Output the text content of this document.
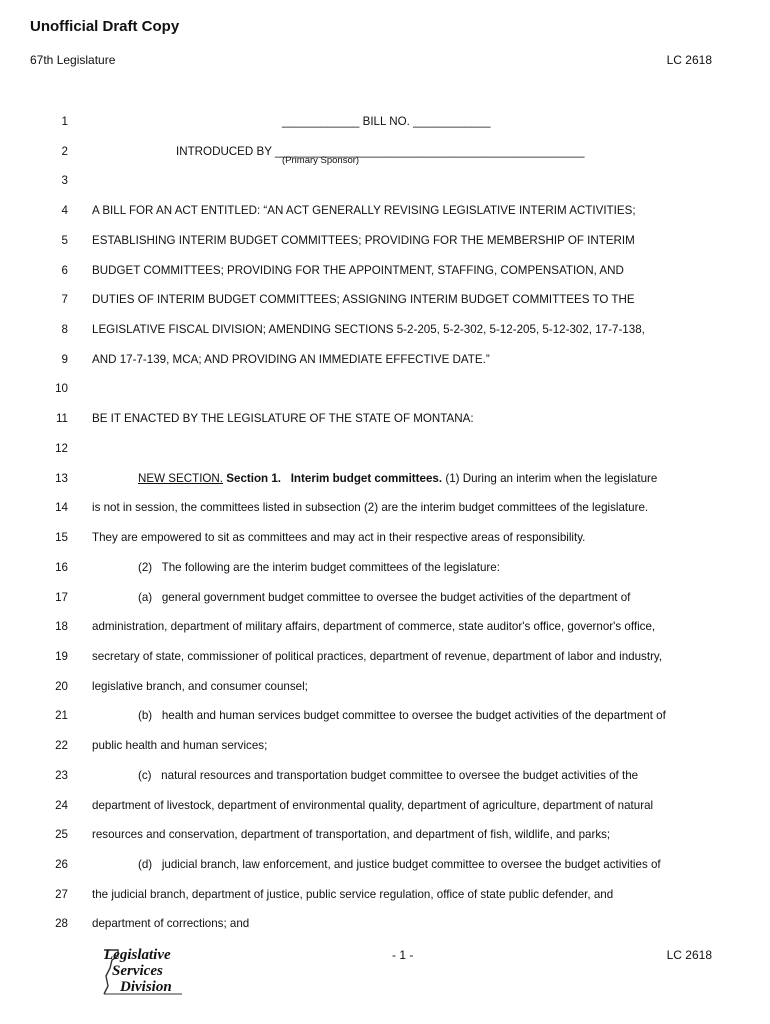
Unofficial Draft Copy
67th Legislature	LC 2618
1	____________ BILL NO. ____________
2	INTRODUCED BY ________________________________________________
3
4 A BILL FOR AN ACT ENTITLED: “AN ACT GENERALLY REVISING LEGISLATIVE INTERIM ACTIVITIES;
5 ESTABLISHING INTERIM BUDGET COMMITTEES; PROVIDING FOR THE MEMBERSHIP OF INTERIM
6 BUDGET COMMITTEES; PROVIDING FOR THE APPOINTMENT, STAFFING, COMPENSATION, AND
7 DUTIES OF INTERIM BUDGET COMMITTEES; ASSIGNING INTERIM BUDGET COMMITTEES TO THE
8 LEGISLATIVE FISCAL DIVISION; AMENDING SECTIONS 5-2-205, 5-2-302, 5-12-205, 5-12-302, 17-7-138,
9 AND 17-7-139, MCA; AND PROVIDING AN IMMEDIATE EFFECTIVE DATE.”
10
11 BE IT ENACTED BY THE LEGISLATURE OF THE STATE OF MONTANA:
12
13	NEW SECTION. Section 1. Interim budget committees. (1) During an interim when the legislature
14 is not in session, the committees listed in subsection (2) are the interim budget committees of the legislature.
15 They are empowered to sit as committees and may act in their respective areas of responsibility.
16	(2)   The following are the interim budget committees of the legislature:
17	(a)   general government budget committee to oversee the budget activities of the department of
18 administration, department of military affairs, department of commerce, state auditor's office, governor's office,
19 secretary of state, commissioner of political practices, department of revenue, department of labor and industry,
20 legislative branch, and consumer counsel;
21	(b)   health and human services budget committee to oversee the budget activities of the department of
22 public health and human services;
23	(c)   natural resources and transportation budget committee to oversee the budget activities of the
24 department of livestock, department of environmental quality, department of agriculture, department of natural
25 resources and conservation, department of transportation, and department of fish, wildlife, and parks;
26	(d)   judicial branch, law enforcement, and justice budget committee to oversee the budget activities of
27 the judicial branch, department of justice, public service regulation, office of state public defender, and
28 department of corrections; and
(Primary Sponsor)
Legislative
Services
Division
- 1 -	LC 2618
